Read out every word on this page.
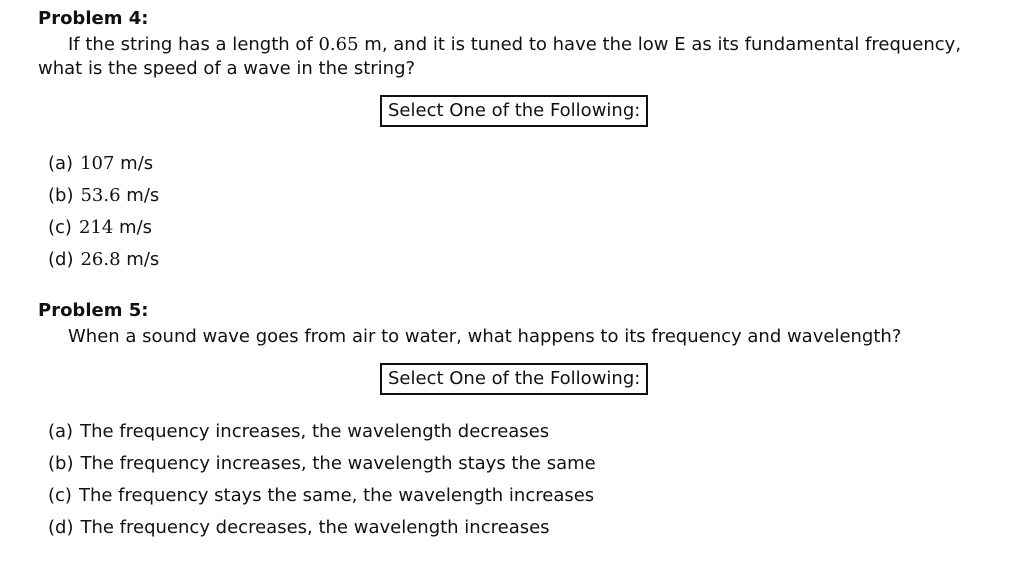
Problem 4:
If the string has a length of 0.65 m, and it is tuned to have the low E as its fundamental frequency, what is the speed of a wave in the string?
Select One of the Following:
(a) 107 m/s
(b) 53.6 m/s
(c) 214 m/s
(d) 26.8 m/s
Problem 5:
When a sound wave goes from air to water, what happens to its frequency and wavelength?
Select One of the Following:
(a) The frequency increases, the wavelength decreases
(b) The frequency increases, the wavelength stays the same
(c) The frequency stays the same, the wavelength increases
(d) The frequency decreases, the wavelength increases
